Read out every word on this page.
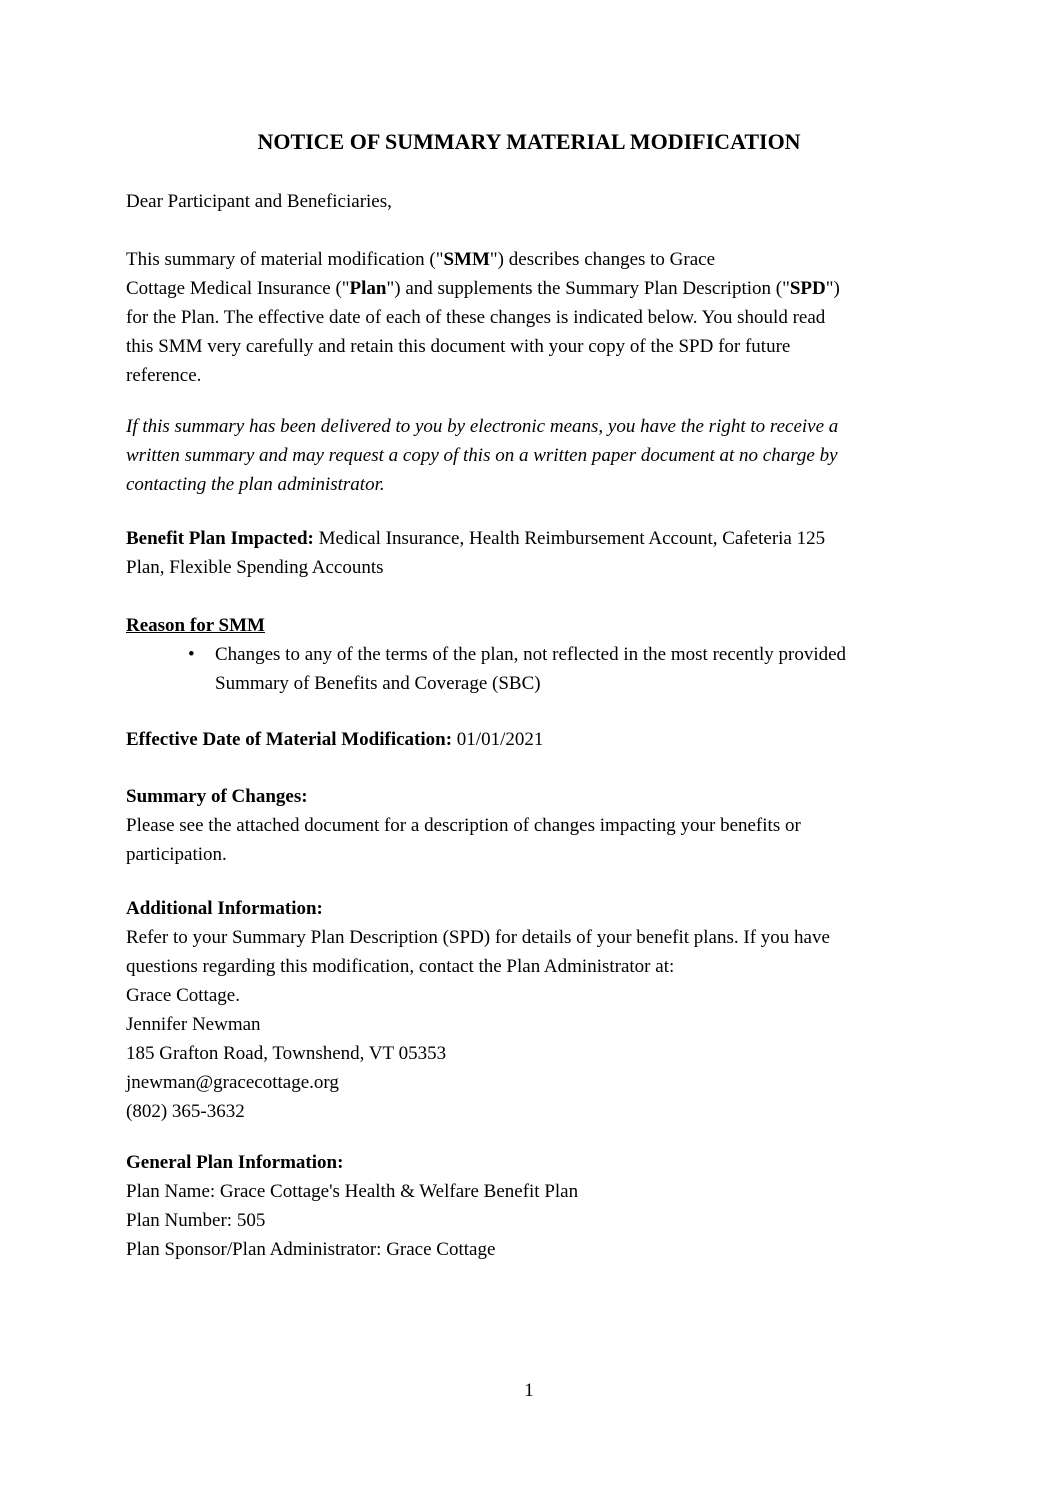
NOTICE OF SUMMARY MATERIAL MODIFICATION
Dear Participant and Beneficiaries,
This summary of material modification ("SMM") describes changes to Grace
Cottage Medical Insurance ("Plan") and supplements the Summary Plan Description ("SPD")
for the Plan. The effective date of each of these changes is indicated below. You should read
this SMM very carefully and retain this document with your copy of the SPD for future
reference.
If this summary has been delivered to you by electronic means, you have the right to receive a
written summary and may request a copy of this on a written paper document at no charge by
contacting the plan administrator.
Benefit Plan Impacted: Medical Insurance, Health Reimbursement Account, Cafeteria 125
Plan, Flexible Spending Accounts
Reason for SMM
•	Changes to any of the terms of the plan, not reflected in the most recently provided
Summary of Benefits and Coverage (SBC)
Effective Date of Material Modification: 01/01/2021
Summary of Changes:
Please see the attached document for a description of changes impacting your benefits or
participation.
Additional Information:
Refer to your Summary Plan Description (SPD) for details of your benefit plans. If you have
questions regarding this modification, contact the Plan Administrator at:
Grace Cottage.
Jennifer Newman
185 Grafton Road, Townshend, VT 05353
jnewman@gracecottage.org
(802) 365-3632
General Plan Information:
Plan Name: Grace Cottage's Health & Welfare Benefit Plan
Plan Number: 505
Plan Sponsor/Plan Administrator: Grace Cottage
1
